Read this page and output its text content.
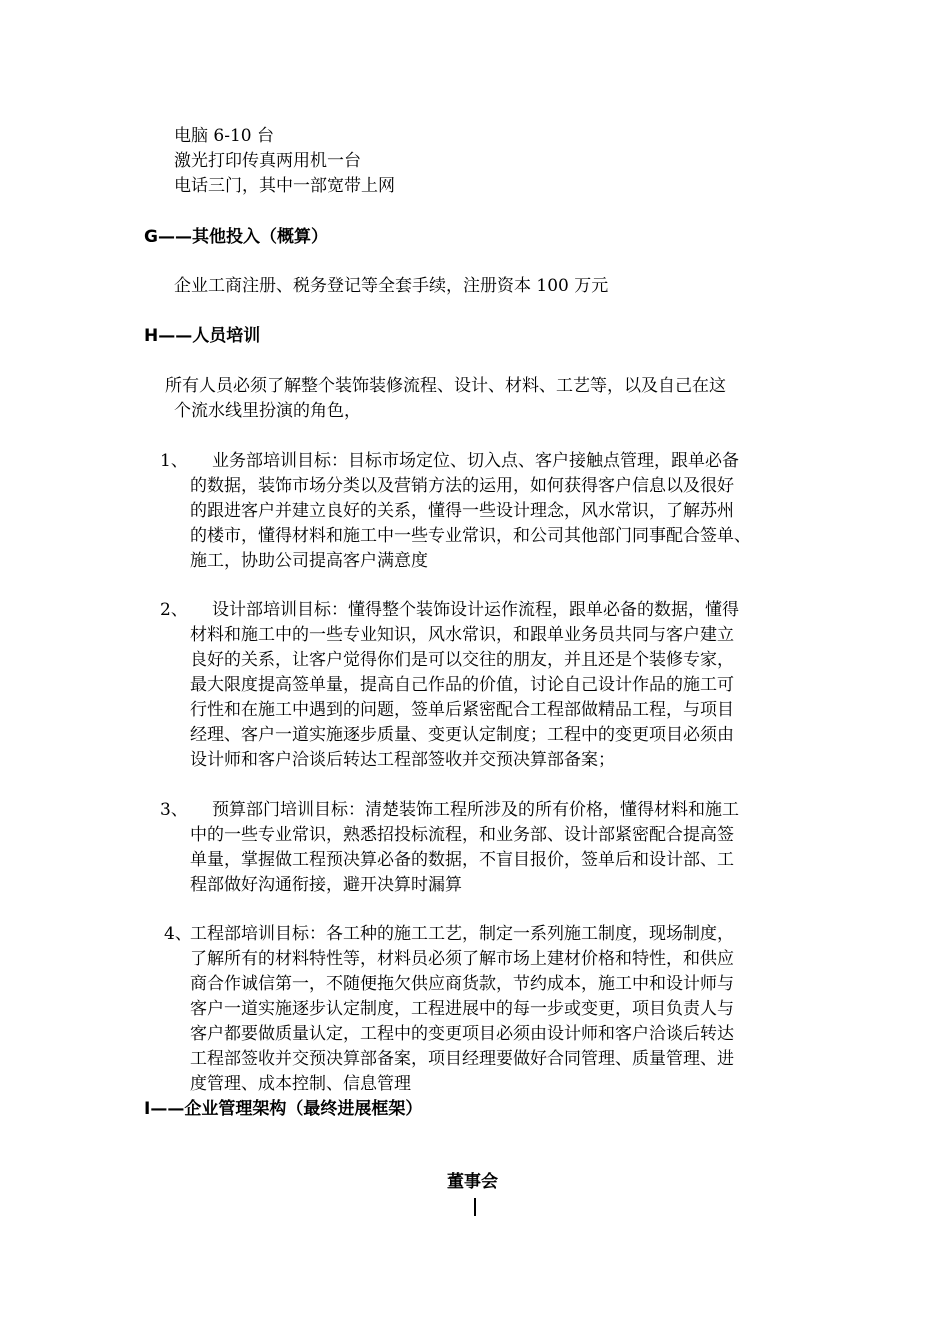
电脑 6-10 台
激光打印传真两用机一台
电话三门，其中一部宽带上网
G——其他投入（概算）
企业工商注册、税务登记等全套手续，注册资本 100 万元
H——人员培训
所有人员必须了解整个装饰装修流程、设计、材料、工艺等，以及自己在这
个流水线里扮演的角色，
1、 业务部培训目标：目标市场定位、切入点、客户接触点管理，跟单必备
的数据，装饰市场分类以及营销方法的运用，如何获得客户信息以及很好
的跟进客户并建立良好的关系，懂得一些设计理念，风水常识，了解苏州
的楼市，懂得材料和施工中一些专业常识，和公司其他部门同事配合签单、
施工，协助公司提高客户满意度
2、 设计部培训目标：懂得整个装饰设计运作流程，跟单必备的数据，懂得
材料和施工中的一些专业知识，风水常识，和跟单业务员共同与客户建立
良好的关系，让客户觉得你们是可以交往的朋友，并且还是个装修专家，
最大限度提高签单量，提高自己作品的价值，讨论自己设计作品的施工可
行性和在施工中遇到的问题，签单后紧密配合工程部做精品工程，与项目
经理、客户一道实施逐步质量、变更认定制度；工程中的变更项目必须由
设计师和客户洽谈后转达工程部签收并交预决算部备案；
3、 预算部门培训目标：清楚装饰工程所涉及的所有价格，懂得材料和施工
中的一些专业常识，熟悉招投标流程，和业务部、设计部紧密配合提高签
单量，掌握做工程预决算必备的数据，不盲目报价，签单后和设计部、工
程部做好沟通衔接，避开决算时漏算
4、
工程部培训目标：各工种的施工工艺，制定一系列施工制度，现场制度，
了解所有的材料特性等，材料员必须了解市场上建材价格和特性，和供应
商合作诚信第一，不随便拖欠供应商货款，节约成本，施工中和设计师与
客户一道实施逐步认定制度，工程进展中的每一步或变更，项目负责人与
客户都要做质量认定，工程中的变更项目必须由设计师和客户洽谈后转达
工程部签收并交预决算部备案，项目经理要做好合同管理、质量管理、进
度管理、成本控制、信息管理
I——企业管理架构（最终进展框架）
董事会
